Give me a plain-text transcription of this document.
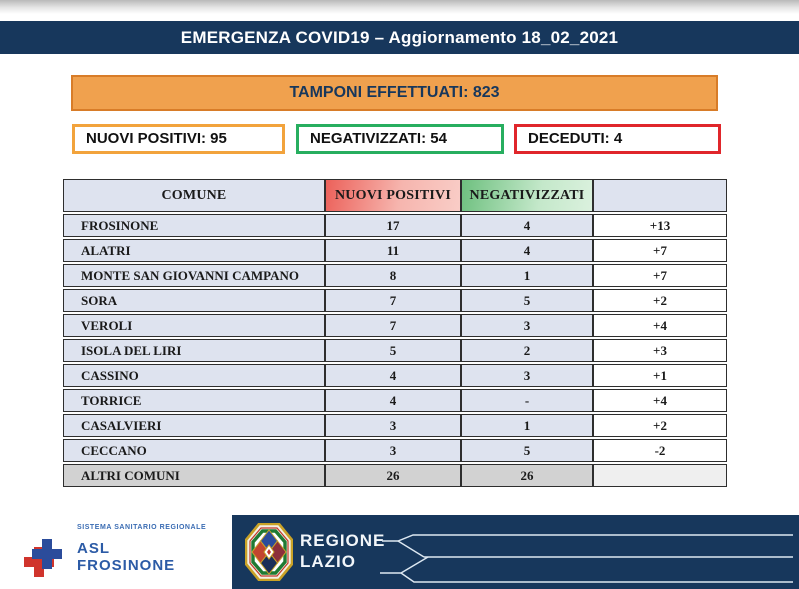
EMERGENZA COVID19 – Aggiornamento 18_02_2021
TAMPONI EFFETTUATI: 823
NUOVI POSITIVI: 95	NEGATIVIZZATI: 54	DECEDUTI: 4
COMUNE	NUOVI POSITIVI	NEGATIVIZZATI	
FROSINONE	17	4	+13
ALATRI	11	4	+7
MONTE SAN GIOVANNI CAMPANO	8	1	+7
SORA	7	5	+2
VEROLI	7	3	+4
ISOLA DEL LIRI	5	2	+3
CASSINO	4	3	+1
TORRICE	4	-	+4
CASALVIERI	3	1	+2
CECCANO	3	5	-2
ALTRI COMUNI	26	26	
SISTEMA SANITARIO REGIONALE
ASL
FROSINONE
REGIONE
LAZIO
